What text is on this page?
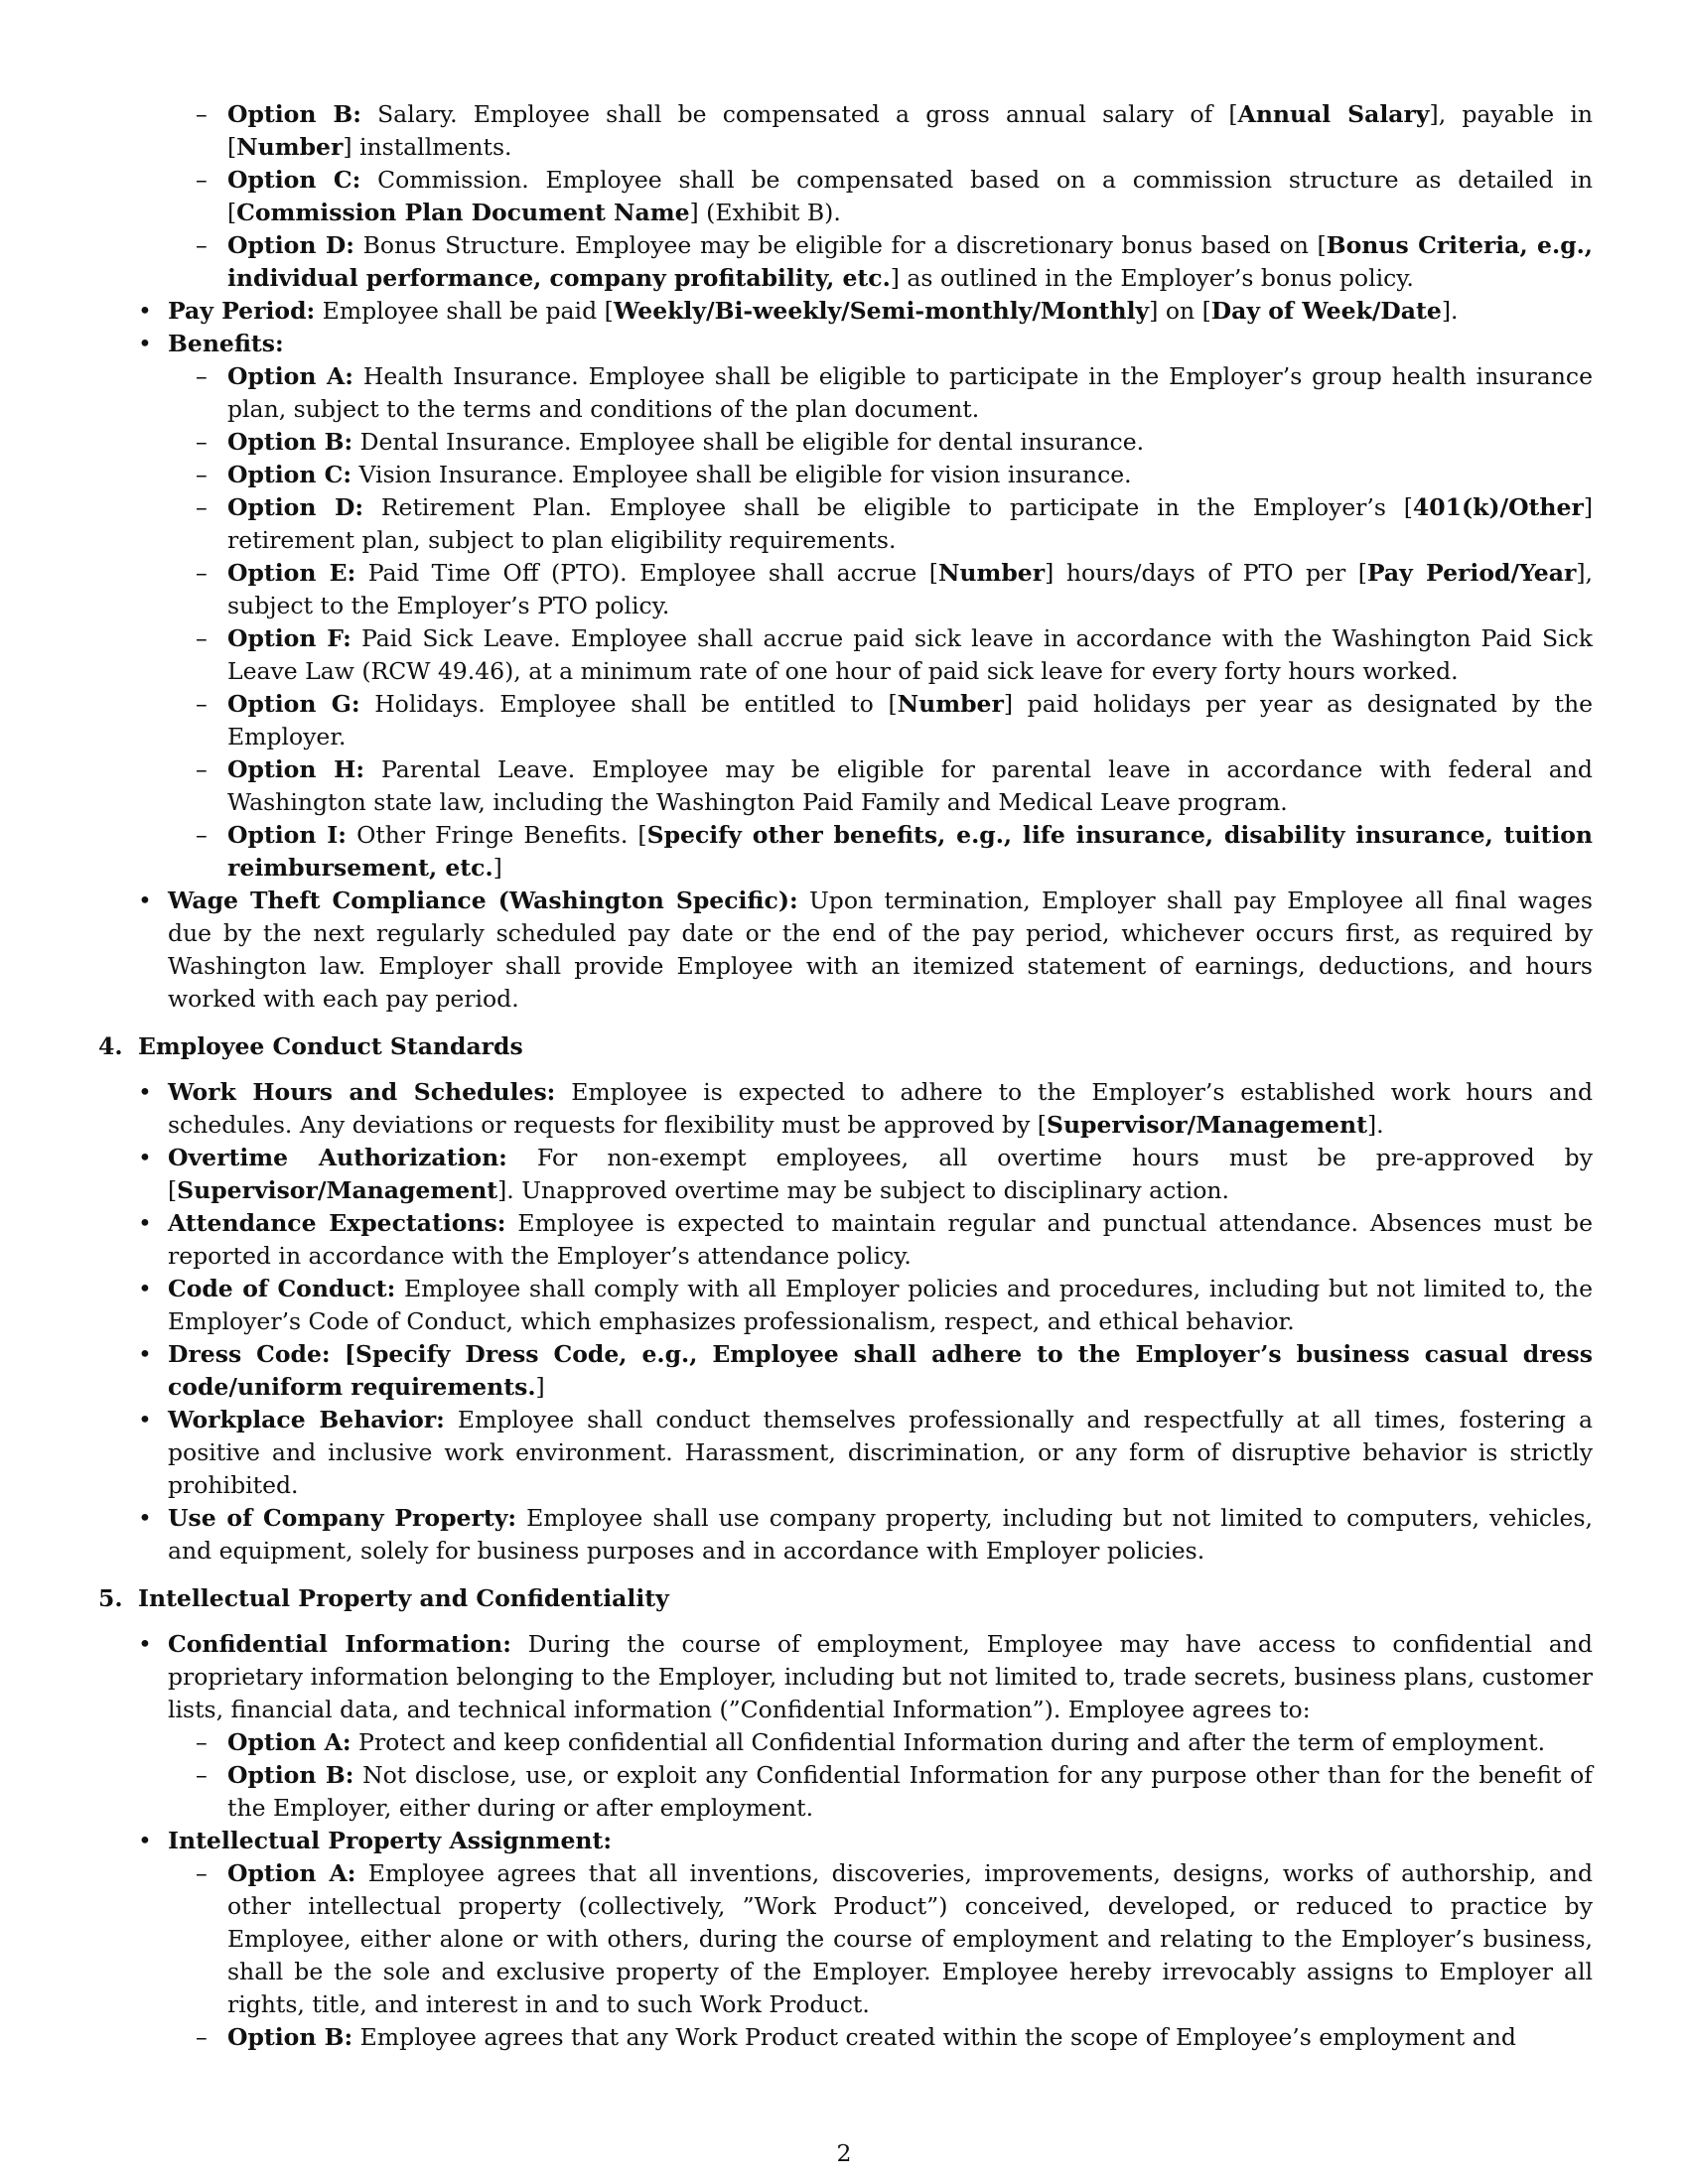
– Option B: Salary. Employee shall be compensated a gross annual salary of [Annual Salary], payable in [Number] installments.
– Option C: Commission. Employee shall be compensated based on a commission structure as detailed in [Commission Plan Document Name] (Exhibit B).
– Option D: Bonus Structure. Employee may be eligible for a discretionary bonus based on [Bonus Criteria, e.g., individual performance, company profitability, etc.] as outlined in the Employer’s bonus policy.
• Pay Period: Employee shall be paid [Weekly/Bi-weekly/Semi-monthly/Monthly] on [Day of Week/Date].
• Benefits:
– Option A: Health Insurance. Employee shall be eligible to participate in the Employer’s group health insurance plan, subject to the terms and conditions of the plan document.
– Option B: Dental Insurance. Employee shall be eligible for dental insurance.
– Option C: Vision Insurance. Employee shall be eligible for vision insurance.
– Option D: Retirement Plan. Employee shall be eligible to participate in the Employer’s [401(k)/Other] retirement plan, subject to plan eligibility requirements.
– Option E: Paid Time Off (PTO). Employee shall accrue [Number] hours/days of PTO per [Pay Period/Year], subject to the Employer’s PTO policy.
– Option F: Paid Sick Leave. Employee shall accrue paid sick leave in accordance with the Washington Paid Sick Leave Law (RCW 49.46), at a minimum rate of one hour of paid sick leave for every forty hours worked.
– Option G: Holidays. Employee shall be entitled to [Number] paid holidays per year as designated by the Employer.
– Option H: Parental Leave. Employee may be eligible for parental leave in accordance with federal and Washington state law, including the Washington Paid Family and Medical Leave program.
– Option I: Other Fringe Benefits. [Specify other benefits, e.g., life insurance, disability insurance, tuition reimbursement, etc.]
• Wage Theft Compliance (Washington Specific): Upon termination, Employer shall pay Employee all final wages due by the next regularly scheduled pay date or the end of the pay period, whichever occurs first, as required by Washington law. Employer shall provide Employee with an itemized statement of earnings, deductions, and hours worked with each pay period.
4. Employee Conduct Standards
• Work Hours and Schedules: Employee is expected to adhere to the Employer’s established work hours and schedules. Any deviations or requests for flexibility must be approved by [Supervisor/Management].
• Overtime Authorization: For non-exempt employees, all overtime hours must be pre-approved by [Supervisor/Management]. Unapproved overtime may be subject to disciplinary action.
• Attendance Expectations: Employee is expected to maintain regular and punctual attendance. Absences must be reported in accordance with the Employer’s attendance policy.
• Code of Conduct: Employee shall comply with all Employer policies and procedures, including but not limited to, the Employer’s Code of Conduct, which emphasizes professionalism, respect, and ethical behavior.
• Dress Code: [Specify Dress Code, e.g., Employee shall adhere to the Employer’s business casual dress code/uniform requirements.]
• Workplace Behavior: Employee shall conduct themselves professionally and respectfully at all times, fostering a positive and inclusive work environment. Harassment, discrimination, or any form of disruptive behavior is strictly prohibited.
• Use of Company Property: Employee shall use company property, including but not limited to computers, vehicles, and equipment, solely for business purposes and in accordance with Employer policies.
5. Intellectual Property and Confidentiality
• Confidential Information: During the course of employment, Employee may have access to confidential and proprietary information belonging to the Employer, including but not limited to, trade secrets, business plans, customer lists, financial data, and technical information (”Confidential Information”). Employee agrees to:
– Option A: Protect and keep confidential all Confidential Information during and after the term of employment.
– Option B: Not disclose, use, or exploit any Confidential Information for any purpose other than for the benefit of the Employer, either during or after employment.
• Intellectual Property Assignment:
– Option A: Employee agrees that all inventions, discoveries, improvements, designs, works of authorship, and other intellectual property (collectively, ”Work Product”) conceived, developed, or reduced to practice by Employee, either alone or with others, during the course of employment and relating to the Employer’s business, shall be the sole and exclusive property of the Employer. Employee hereby irrevocably assigns to Employer all rights, title, and interest in and to such Work Product.
– Option B: Employee agrees that any Work Product created within the scope of Employee’s employment and
2
